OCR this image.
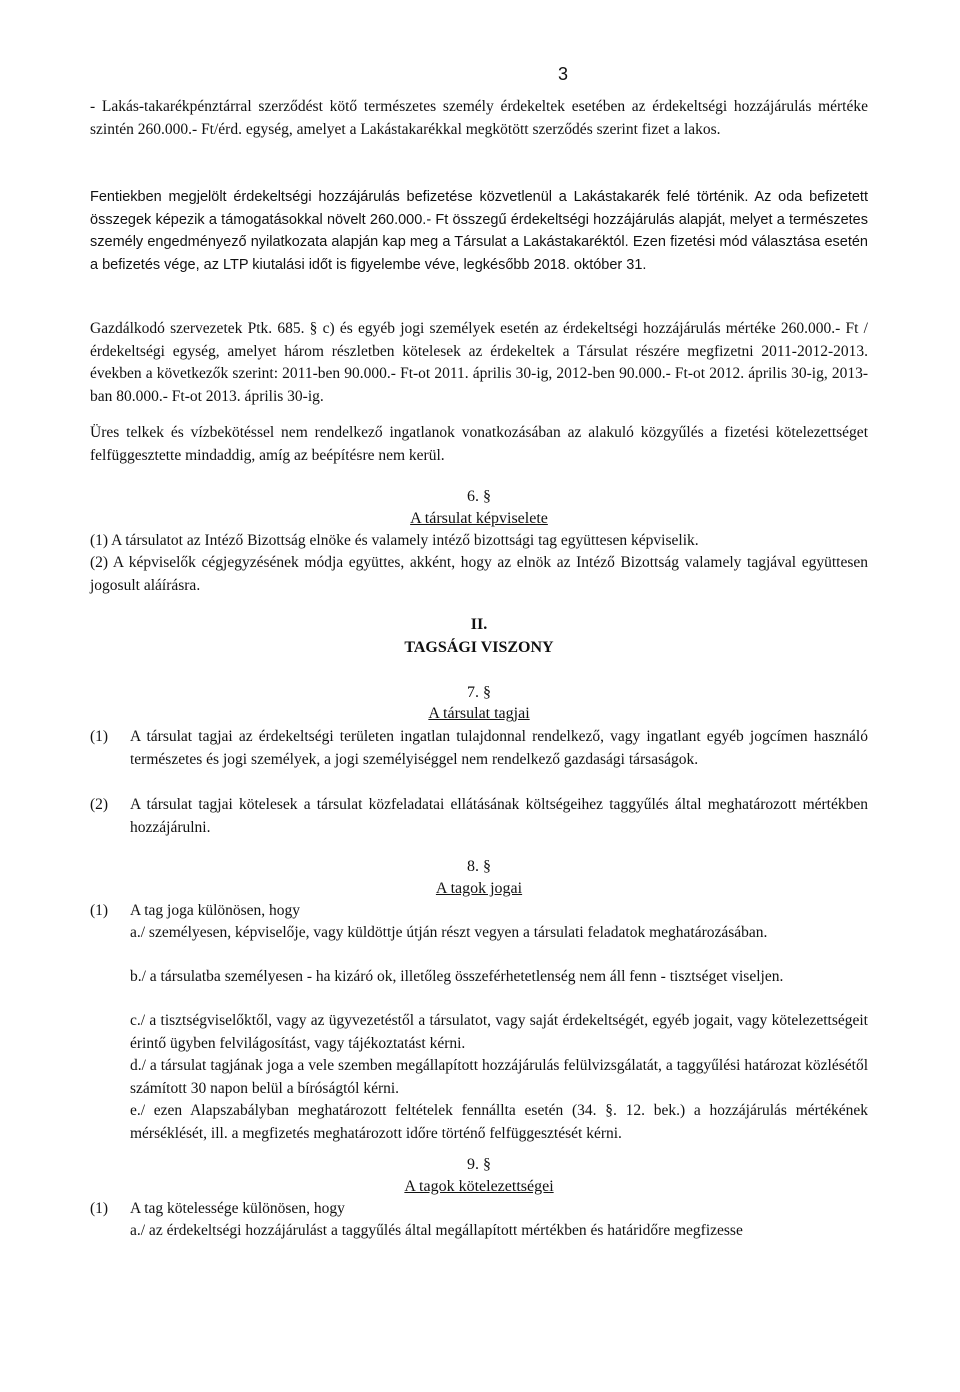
3
- Lakás-takarékpénztárral szerződést kötő természetes személy érdekeltek esetében az érdekeltségi hozzájárulás mértéke szintén 260.000.- Ft/érd. egység, amelyet a Lakástakarékkal megkötött szerződés szerint fizet a lakos.
Fentiekben megjelölt érdekeltségi hozzájárulás befizetése közvetlenül a Lakástakarék felé történik. Az oda befizetett összegek képezik a támogatásokkal növelt 260.000.- Ft összegű érdekeltségi hozzájárulás alapját, melyet a természetes személy engedményező nyilatkozata alapján kap meg a Társulat a Lakástakaréktól. Ezen fizetési mód választása esetén a befizetés vége, az LTP kiutalási időt is figyelembe véve, legkésőbb 2018. október 31.
Gazdálkodó szervezetek Ptk. 685. § c) és egyéb jogi személyek esetén az érdekeltségi hozzájárulás mértéke 260.000.- Ft / érdekeltségi egység, amelyet három részletben kötelesek az érdekeltek a Társulat részére megfizetni 2011-2012-2013. években a következők szerint: 2011-ben 90.000.- Ft-ot 2011. április 30-ig, 2012-ben 90.000.- Ft-ot 2012. április 30-ig, 2013-ban 80.000.- Ft-ot 2013. április 30-ig.
Üres telkek és vízbekötéssel nem rendelkező ingatlanok vonatkozásában az alakuló közgyűlés a fizetési kötelezettséget felfüggesztette mindaddig, amíg az beépítésre nem kerül.
6. §
A társulat képviselete
(1) A társulatot az Intéző Bizottság elnöke és valamely intéző bizottsági tag együttesen képviselik.
(2) A képviselők cégjegyzésének módja együttes, akként, hogy az elnök az Intéző Bizottság valamely tagjával együttesen jogosult aláírásra.
II.
TAGSÁGI VISZONY
7. §
A társulat tagjai
(1) A társulat tagjai az érdekeltségi területen ingatlan tulajdonnal rendelkező, vagy ingatlant egyéb jogcímen használó természetes és jogi személyek, a jogi személyiséggel nem rendelkező gazdasági társaságok.
(2) A társulat tagjai kötelesek a társulat közfeladatai ellátásának költségeihez taggyűlés által meghatározott mértékben hozzájárulni.
8. §
A tagok jogai
(1) A tag joga különösen, hogy
a./ személyesen, képviselője, vagy küldöttje útján részt vegyen a társulati feladatok meghatározásában.
b./ a társulatba személyesen - ha kizáró ok, illetőleg összeférhetetlenség nem áll fenn - tisztséget viseljen.
c./ a tisztségviselőktől, vagy az ügyvezetéstől a társulatot, vagy saját érdekeltségét, egyéb jogait, vagy kötelezettségeit érintő ügyben felvilágosítást, vagy tájékoztatást kérni.
d./ a társulat tagjának joga a vele szemben megállapított hozzájárulás felülvizsgálatát, a taggyűlési határozat közlésétől számított 30 napon belül a bíróságtól kérni.
e./ ezen Alapszabályban meghatározott feltételek fennállta esetén (34. §. 12. bek.) a hozzájárulás mértékének mérséklését, ill. a megfizetés meghatározott időre történő felfüggesztését kérni.
9. §
A tagok kötelezettségei
(1) A tag kötelessége különösen, hogy
a./ az érdekeltségi hozzájárulást a taggyűlés által megállapított mértékben és határidőre megfizesse
